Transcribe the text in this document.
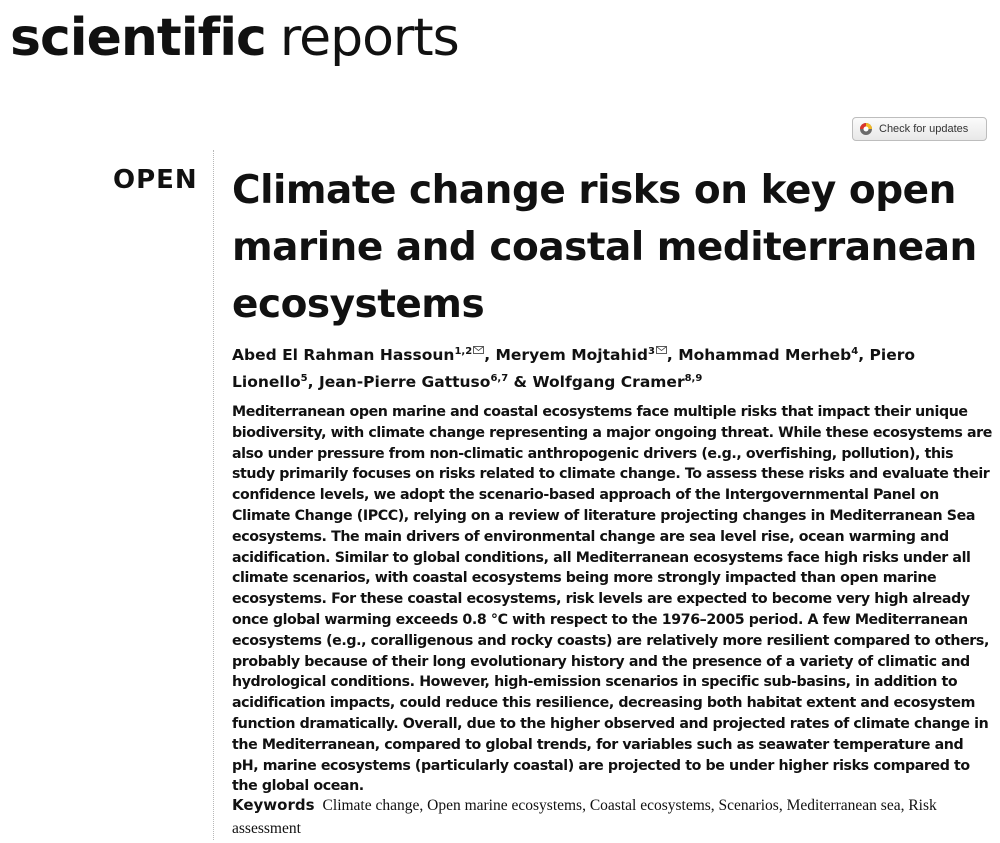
scientific reports
Check for updates
OPEN Climate change risks on key open marine and coastal mediterranean ecosystems
Abed El Rahman Hassoun$^{1,2}$ , Meryem Mojtahid$^3$ , Mohammad Merheb$^4$, Piero Lionello$^5$, Jean-Pierre Gattuso$^{6,7}$ & Wolfgang Cramer$^{8,9}$

Mediterranean open marine and coastal ecosystems face multiple risks that impact their unique biodiversity, with climate change representing a major ongoing threat. While these ecosystems are also under pressure from non-climatic anthropogenic drivers (e.g., overfishing, pollution), this study primarily focuses on risks related to climate change. To assess these risks and evaluate their confidence levels, we adopt the scenario-based approach of the Intergovernmental Panel on Climate Change (IPCC), relying on a review of literature projecting changes in Mediterranean Sea ecosystems. The main drivers of environmental change are sea level rise, ocean warming and acidification. Similar to global conditions, all Mediterranean ecosystems face high risks under all climate scenarios, with coastal ecosystems being more strongly impacted than open marine ecosystems. For these coastal ecosystems, risk levels are expected to become very high already once global warming exceeds 0.8 °C with respect to the 1976–2005 period. A few Mediterranean ecosystems (e.g., coralligenous and rocky coasts) are relatively more resilient compared to others, probably because of their long evolutionary history and the presence of a variety of climatic and hydrological conditions. However, high-emission scenarios in specific sub-basins, in addition to acidification impacts, could reduce this resilience, decreasing both habitat extent and ecosystem function dramatically. Overall, due to the higher observed and projected rates of climate change in the Mediterranean, compared to global trends, for variables such as seawater temperature and pH, marine ecosystems (particularly coastal) are projected to be under higher risks compared to the global ocean.

Keywords Climate change, Open marine ecosystems, Coastal ecosystems, Scenarios, Mediterranean sea, Risk assessment
